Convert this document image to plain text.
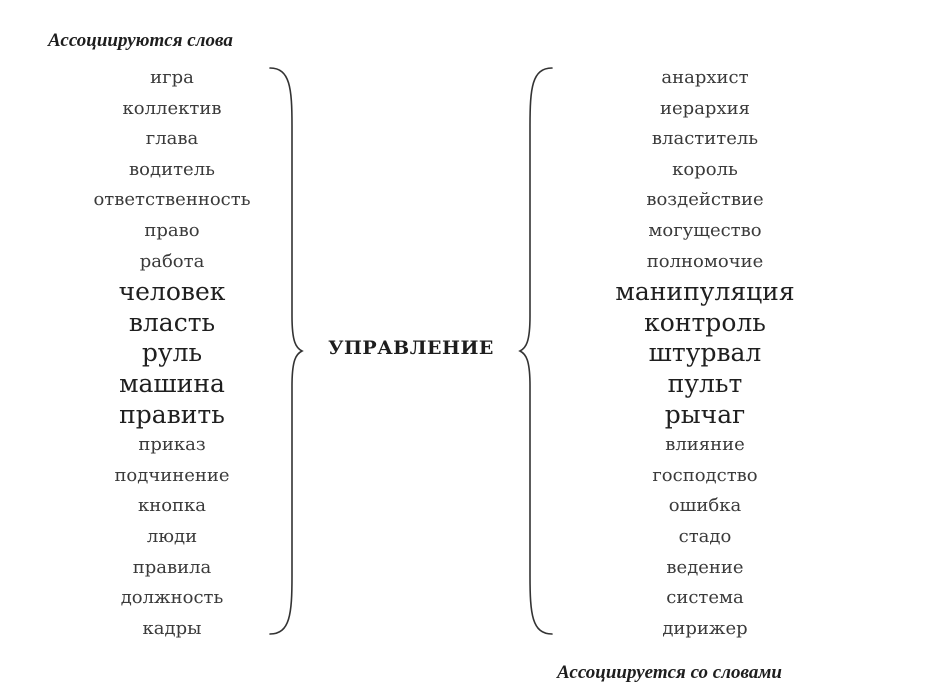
Ассоциируются слова
игра
коллектив
глава
водитель
ответственность
право
работа
человек
власть
руль
машина
править
приказ
подчинение
кнопка
люди
правила
должность
кадры
УПРАВЛЕНИЕ
анархист
иерархия
властитель
король
воздействие
могущество
полномочие
манипуляция
контроль
штурвал
пульт
рычаг
влияние
господство
ошибка
стадо
ведение
система
дирижер
Ассоциируется со словами
